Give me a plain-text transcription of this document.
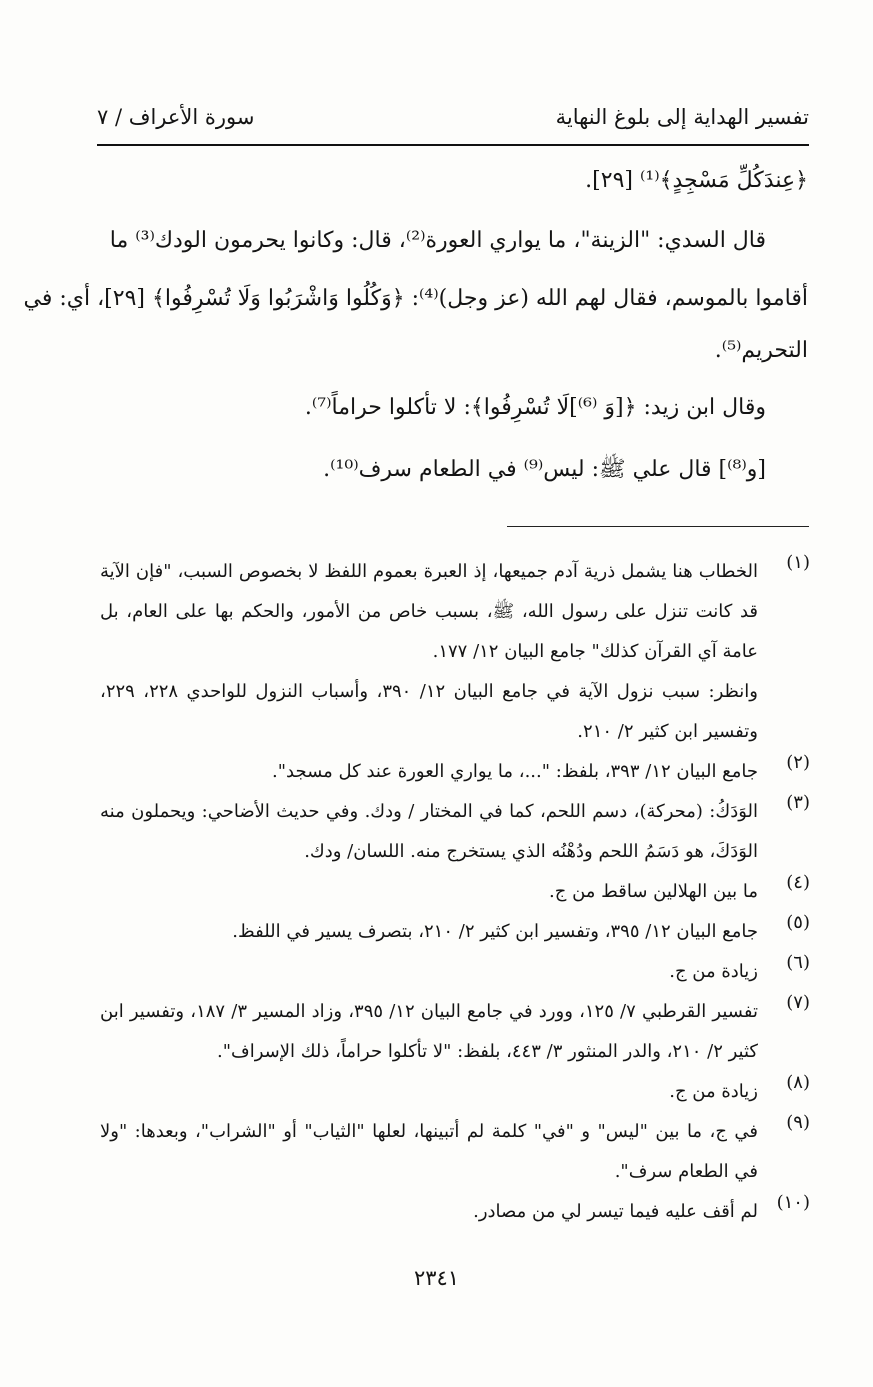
تفسير الهداية إلى بلوغ النهاية
سورة الأعراف / ٧
﴿عِندَكُلِّ مَسْجِدٍ﴾⁽¹⁾ [٢٩].
قال السدي: "الزينة"، ما يواري العورة⁽²⁾، قال: وكانوا يحرمون الودك⁽³⁾ ما
أقاموا بالموسم، فقال لهم الله (عز وجل)⁽⁴⁾: ﴿وَكُلُوا وَاشْرَبُوا وَلَا تُسْرِفُوا﴾ [٢٩]، أي: في
التحريم⁽⁵⁾.
وقال ابن زيد: ﴿[وَ ⁽⁶⁾]لَا تُسْرِفُوا﴾: لا تأكلوا حراماً⁽⁷⁾.
[و⁽⁸⁾] قال علي ﷺ: ليس⁽⁹⁾ في الطعام سرف⁽¹⁰⁾.
(١)
الخطاب هنا يشمل ذرية آدم جميعها، إذ العبرة بعموم اللفظ لا بخصوص السبب، "فإن الآية قد كانت تنزل على رسول الله، ﷺ، بسبب خاص من الأمور، والحكم بها على العام، بل عامة آي القرآن كذلك" جامع البيان ١٢/ ١٧٧.
وانظر: سبب نزول الآية في جامع البيان ١٢/ ٣٩٠، وأسباب النزول للواحدي ٢٢٨، ٢٢٩، وتفسير ابن كثير ٢/ ٢١٠.
(٢)
جامع البيان ١٢/ ٣٩٣، بلفظ: "...، ما يواري العورة عند كل مسجد".
(٣)
الوَدَكُ: (محركة)، دسم اللحم، كما في المختار / ودك. وفي حديث الأضاحي: ويحملون منه الوَدَكَ، هو دَسَمُ اللحم ودُهْنُه الذي يستخرج منه. اللسان/ ودك.
(٤)
ما بين الهلالين ساقط من ج.
(٥)
جامع البيان ١٢/ ٣٩٥، وتفسير ابن كثير ٢/ ٢١٠، بتصرف يسير في اللفظ.
(٦)
زيادة من ج.
(٧)
تفسير القرطبي ٧/ ١٢٥، وورد في جامع البيان ١٢/ ٣٩٥، وزاد المسير ٣/ ١٨٧، وتفسير ابن كثير ٢/ ٢١٠، والدر المنثور ٣/ ٤٤٣، بلفظ: "لا تأكلوا حراماً، ذلك الإسراف".
(٨)
زيادة من ج.
(٩)
في ج، ما بين "ليس" و "في" كلمة لم أتبينها، لعلها "الثياب" أو "الشراب"، وبعدها: "ولا في الطعام سرف".
(١٠)
لم أقف عليه فيما تيسر لي من مصادر.
٢٣٤١
